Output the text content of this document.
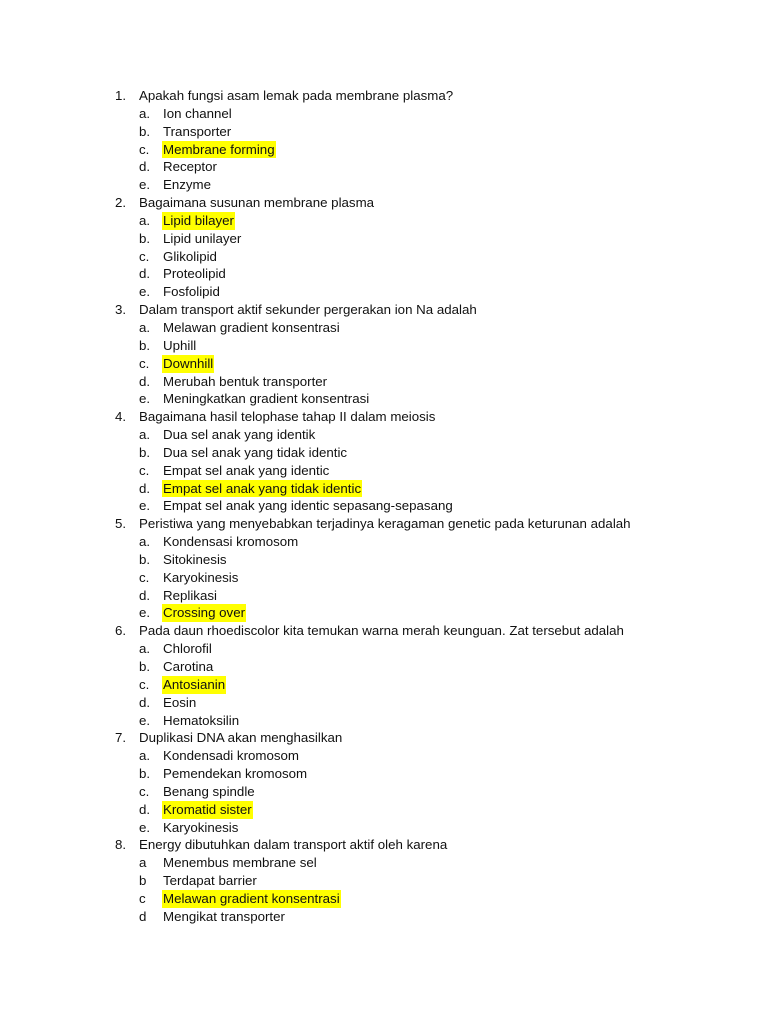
1. Apakah fungsi asam lemak pada membrane plasma?
a. Ion channel
b. Transporter
c.	Membrane forming
d. Receptor
e. Enzyme
2. Bagaimana susunan membrane plasma
a. Lipid bilayer
b. Lipid unilayer
c.	Glikolipid
d. Proteolipid
e. Fosfolipid
3. Dalam transport aktif sekunder pergerakan ion Na adalah
a. Melawan gradient konsentrasi
b. Uphill
c.	Downhill
d. Merubah bentuk transporter
e. Meningkatkan gradient konsentrasi
4. Bagaimana hasil telophase tahap II dalam meiosis
a. Dua sel anak yang identik
b. Dua sel anak yang tidak identic
c.	Empat sel anak yang identic
d. Empat sel anak yang tidak identic
e. Empat sel anak yang identic sepasang-sepasang
5. Peristiwa yang menyebabkan terjadinya keragaman genetic pada keturunan adalah
a. Kondensasi kromosom
b. Sitokinesis
c.	Karyokinesis
d. Replikasi
e. Crossing over
6. Pada daun rhoediscolor kita temukan warna merah keunguan. Zat tersebut adalah
a. Chlorofil
b. Carotina
c.	Antosianin
d. Eosin
e. Hematoksilin
7. Duplikasi DNA akan menghasilkan
a. Kondensadi kromosom
b. Pemendekan kromosom
c.	Benang spindle
d. Kromatid sister
e. Karyokinesis
8. Energy dibutuhkan dalam transport aktif oleh karena
a	Menembus membrane sel
b	Terdapat barrier
c	Melawan gradient konsentrasi
d	Mengikat transporter
